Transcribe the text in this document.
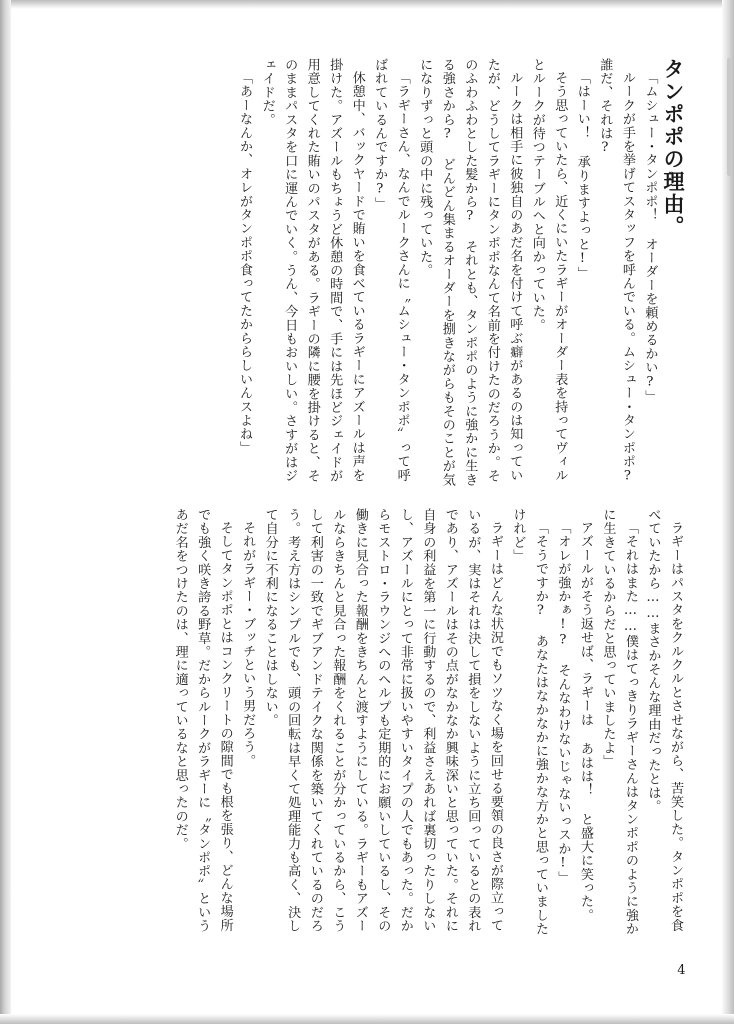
タンポポの理由。

「ムシュー・タンポポ！ オーダーを頼めるかい?」

ルークが手を挙げてスタッフを呼んでいる。ムシュー・タンポポ? 誰だ、それは?

「はーい！ 承りますよっと!」

そう思っていたら、近くにいたラギーがオーダー表を持ってヴィルとルークが待つテーブルへと向かっていた。

ルークは相手に彼独自のあだ名を付けて呼ぶ癖があるのは知っていたが、どうしてラギーにタンポポなんて名前を付けたのだろうか。そのふわふわとした髪から? それとも、タンポポのように強かに生きる強さから? どんどん集まるオーダーを捌きながらもそのことが気になりずっと頭の中に残っていた。

「ラギーさん、なんでルークさんに〝ムシュー・タンポポ〟って呼ばれているんですか?」

休憩中、バックヤードで賄いを食べているラギーにアズールは声を掛けた。アズールもちょうど休憩の時間で、手には先ほどジェイドが用意してくれた賄いのパスタがある。ラギーの隣に腰を掛けると、そのままパスタを口に運んでいく。うん、今日もおいしい。さすがはジェイドだ。

「あーなんか、オレがタンポポ食ってたかららしいんスよね」

ラギーはパスタをクルクルとさせながら、苦笑した。タンポポを食べていたから……まさかそんな理由だったとは。

「それはまた……僕はてっきりラギーさんはタンポポのように強かに生きているからだと思っていましたよ」

アズールがそう返せば、ラギーは あはは！ と盛大に笑った。

「オレが強かぁ!? そんなわけないじゃないっスか!」

「そうですか? あなたはなかなかに強かな方かと思っていましたけれど」

ラギーはどんな状況でもソツなく場を回せる要領の良さが際立っているが、実はそれは決して損をしないように立ち回っているとの表れであり、アズールはその点がなかなか興味深いと思っていた。それに自身の利益を第一に行動するので、利益さえあれば裏切ったりしないし、アズールにとって非常に扱いやすいタイプの人でもあった。だからモストロ・ラウンジへのヘルプも定期的にお願いしているし、その働きに見合った報酬をきちんと渡すようにしている。ラギーもアズールならきちんと見合った報酬をくれることが分かっているから、こうして利害の一致でギブアンドテイクな関係を築いてくれているのだろう。考え方はシンプルでも、頭の回転は早くて処理能力も高く、決して自分に不利になることはしない。

それがラギー・ブッチという男だろう。

そしてタンポポとはコンクリートの隙間でも根を張り、どんな場所でも強く咲き誇る野草。だからルークがラギーに〝タンポポ〟というあだ名をつけたのは、理に適っているなと思ったのだ。

4
